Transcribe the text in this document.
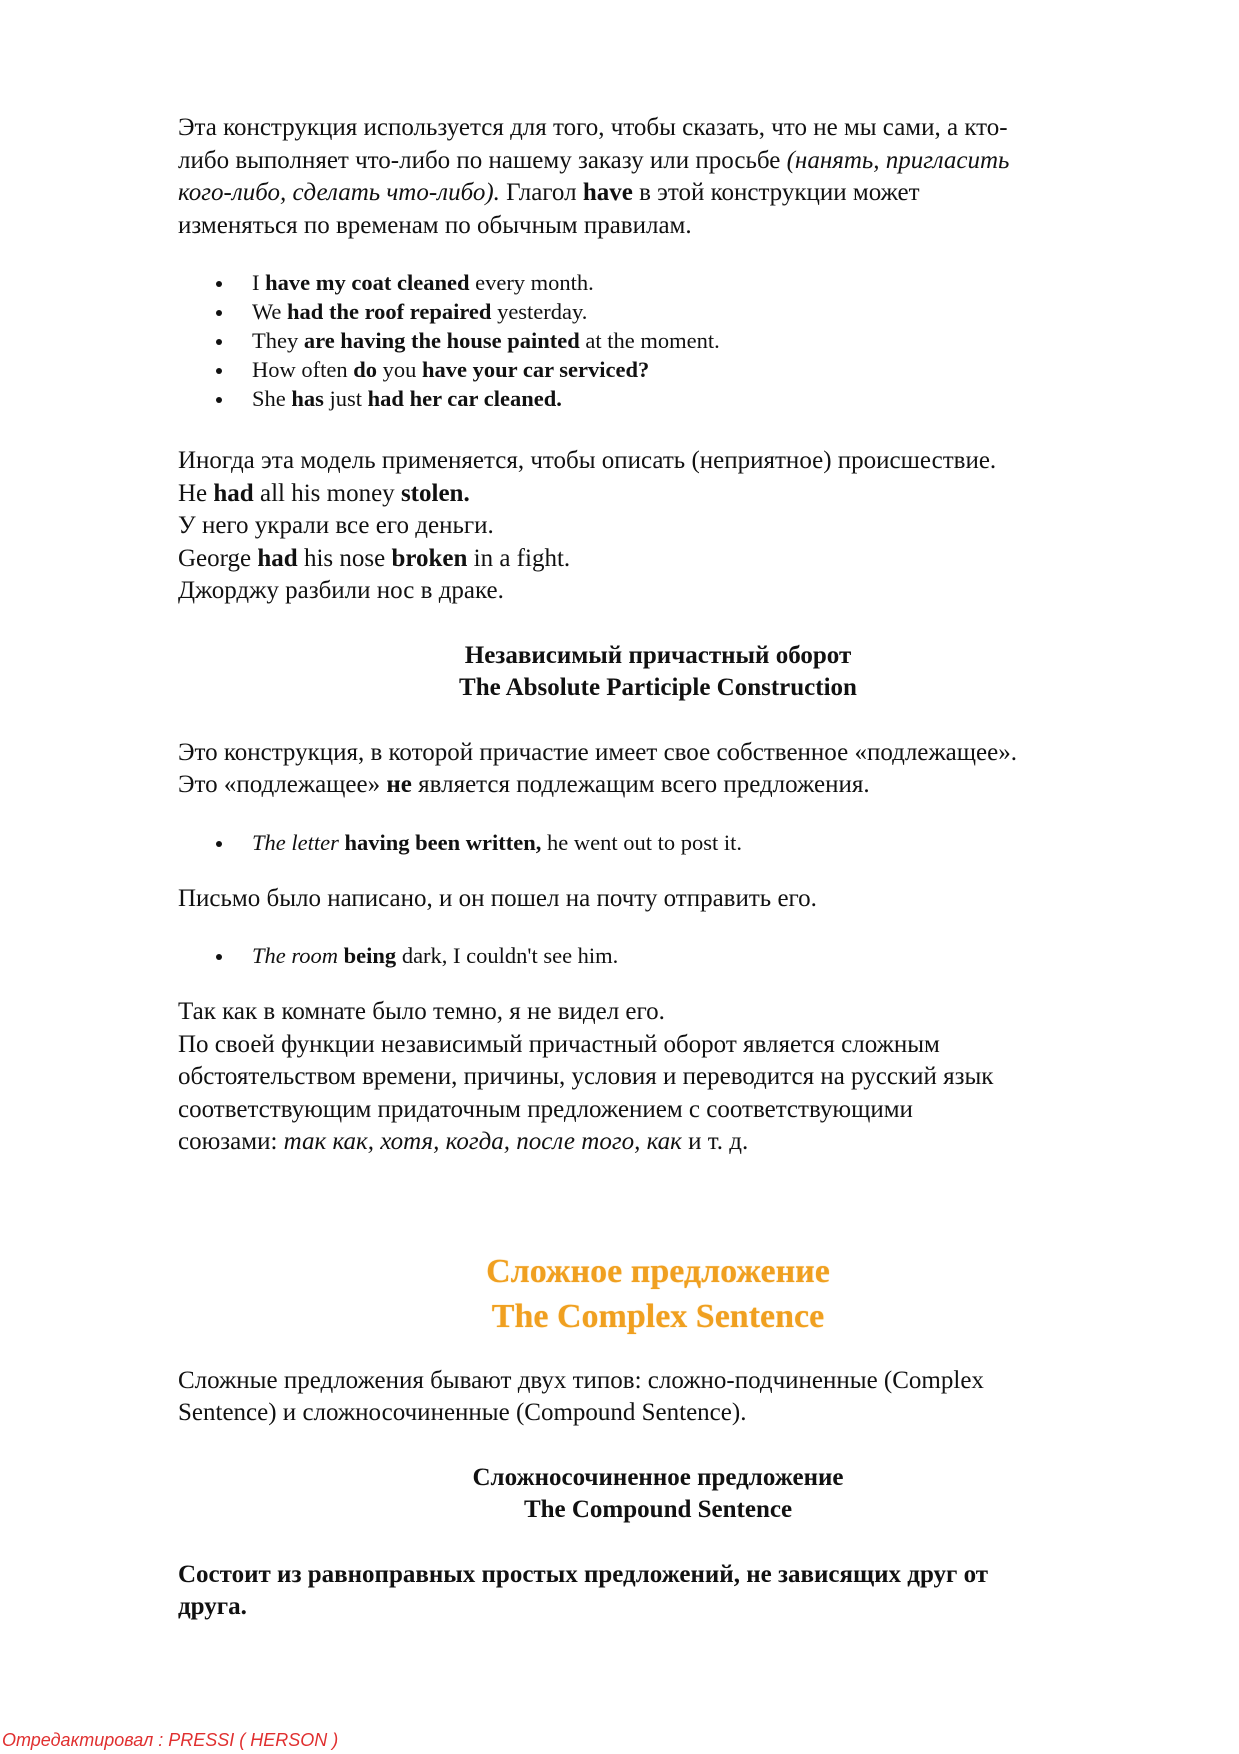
Эта конструкция используется для того, чтобы сказать, что не мы сами, а кто-

либо выполняет что-либо по нашему заказу или просьбе (нанять, пригласить

кого-либо, сделать что-либо). Глагол have в этой конструкции может

изменяться по временам по обычным правилам.

I have my coat cleaned every month.
We had the roof repaired yesterday.
They are having the house painted at the moment.
How often do you have your car serviced?
She has just had her car cleaned.

Иногда эта модель применяется, чтобы описать (неприятное) происшествие.

He had all his money stolen.

У него украли все его деньги.

George had his nose broken in a fight.

Джорджу разбили нос в драке.

Независимый причастный оборот

The Absolute Participle Construction

Это конструкция, в которой причастие имеет свое собственное «подлежащее».

Это «подлежащее» не является подлежащим всего предложения.

The letter having been written, he went out to post it.

Письмо было написано, и он пошел на почту отправить его.

The room being dark, I couldn't see him.

Так как в комнате было темно, я не видел его.

По своей функции независимый причастный оборот является сложным

обстоятельством времени, причины, условия и переводится на русский язык

соответствующим придаточным предложением с соответствующими

союзами: так как, хотя, когда, после того, как и т. д.

Сложное предложение

The Complex Sentence

Сложные предложения бывают двух типов: сложно-подчиненные (Complex

Sentence) и сложносочиненные (Compound Sentence).

Сложносочиненное предложение

The Compound Sentence

Состоит из равноправных простых предложений, не зависящих друг от

друга.

Отредактировал : PRESSI ( HERSON )
